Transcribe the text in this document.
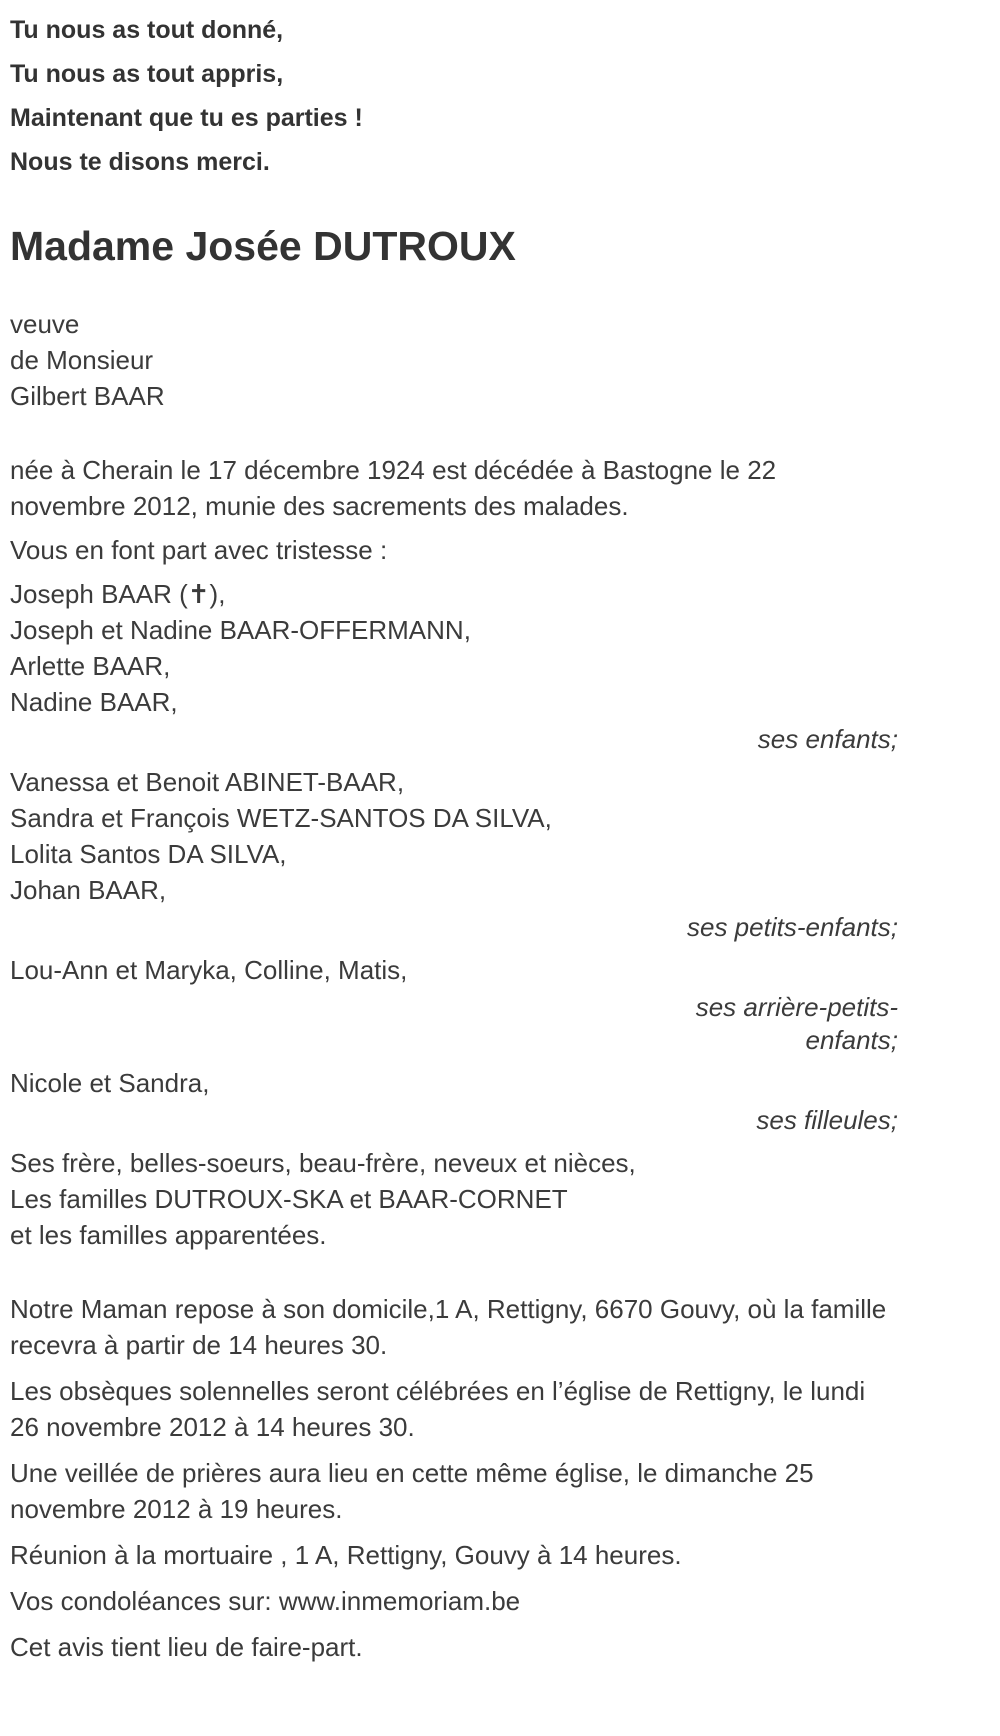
Tu nous as tout donné,

Tu nous as tout appris,

Maintenant que tu es parties !

Nous te disons merci.

Madame Josée DUTROUX

veuve

de Monsieur

Gilbert BAAR

née à Cherain le 17 décembre 1924 est décédée à Bastogne le 22 novembre 2012, munie des sacrements des malades.

Vous en font part avec tristesse :

Joseph BAAR (✝),

Joseph et Nadine BAAR-OFFERMANN,

Arlette BAAR,

Nadine BAAR,

ses enfants;

Vanessa et Benoit ABINET-BAAR,

Sandra et François WETZ-SANTOS DA SILVA,

Lolita Santos DA SILVA,

Johan BAAR,

ses petits-enfants;

Lou-Ann et Maryka, Colline, Matis,

ses arrière-petits-enfants;

Nicole et Sandra,

ses filleules;

Ses frère, belles-soeurs, beau-frère, neveux et nièces,

Les familles DUTROUX-SKA et BAAR-CORNET

et les familles apparentées.

Notre Maman repose à son domicile,1 A, Rettigny, 6670 Gouvy, où la famille recevra à partir de 14 heures 30.

Les obsèques solennelles seront célébrées en l’église de Rettigny, le lundi 26 novembre 2012 à 14 heures 30.

Une veillée de prières aura lieu en cette même église, le dimanche 25 novembre 2012 à 19 heures.

Réunion à la mortuaire , 1 A, Rettigny, Gouvy à 14 heures.

Vos condoléances sur: www.inmemoriam.be

Cet avis tient lieu de faire-part.
